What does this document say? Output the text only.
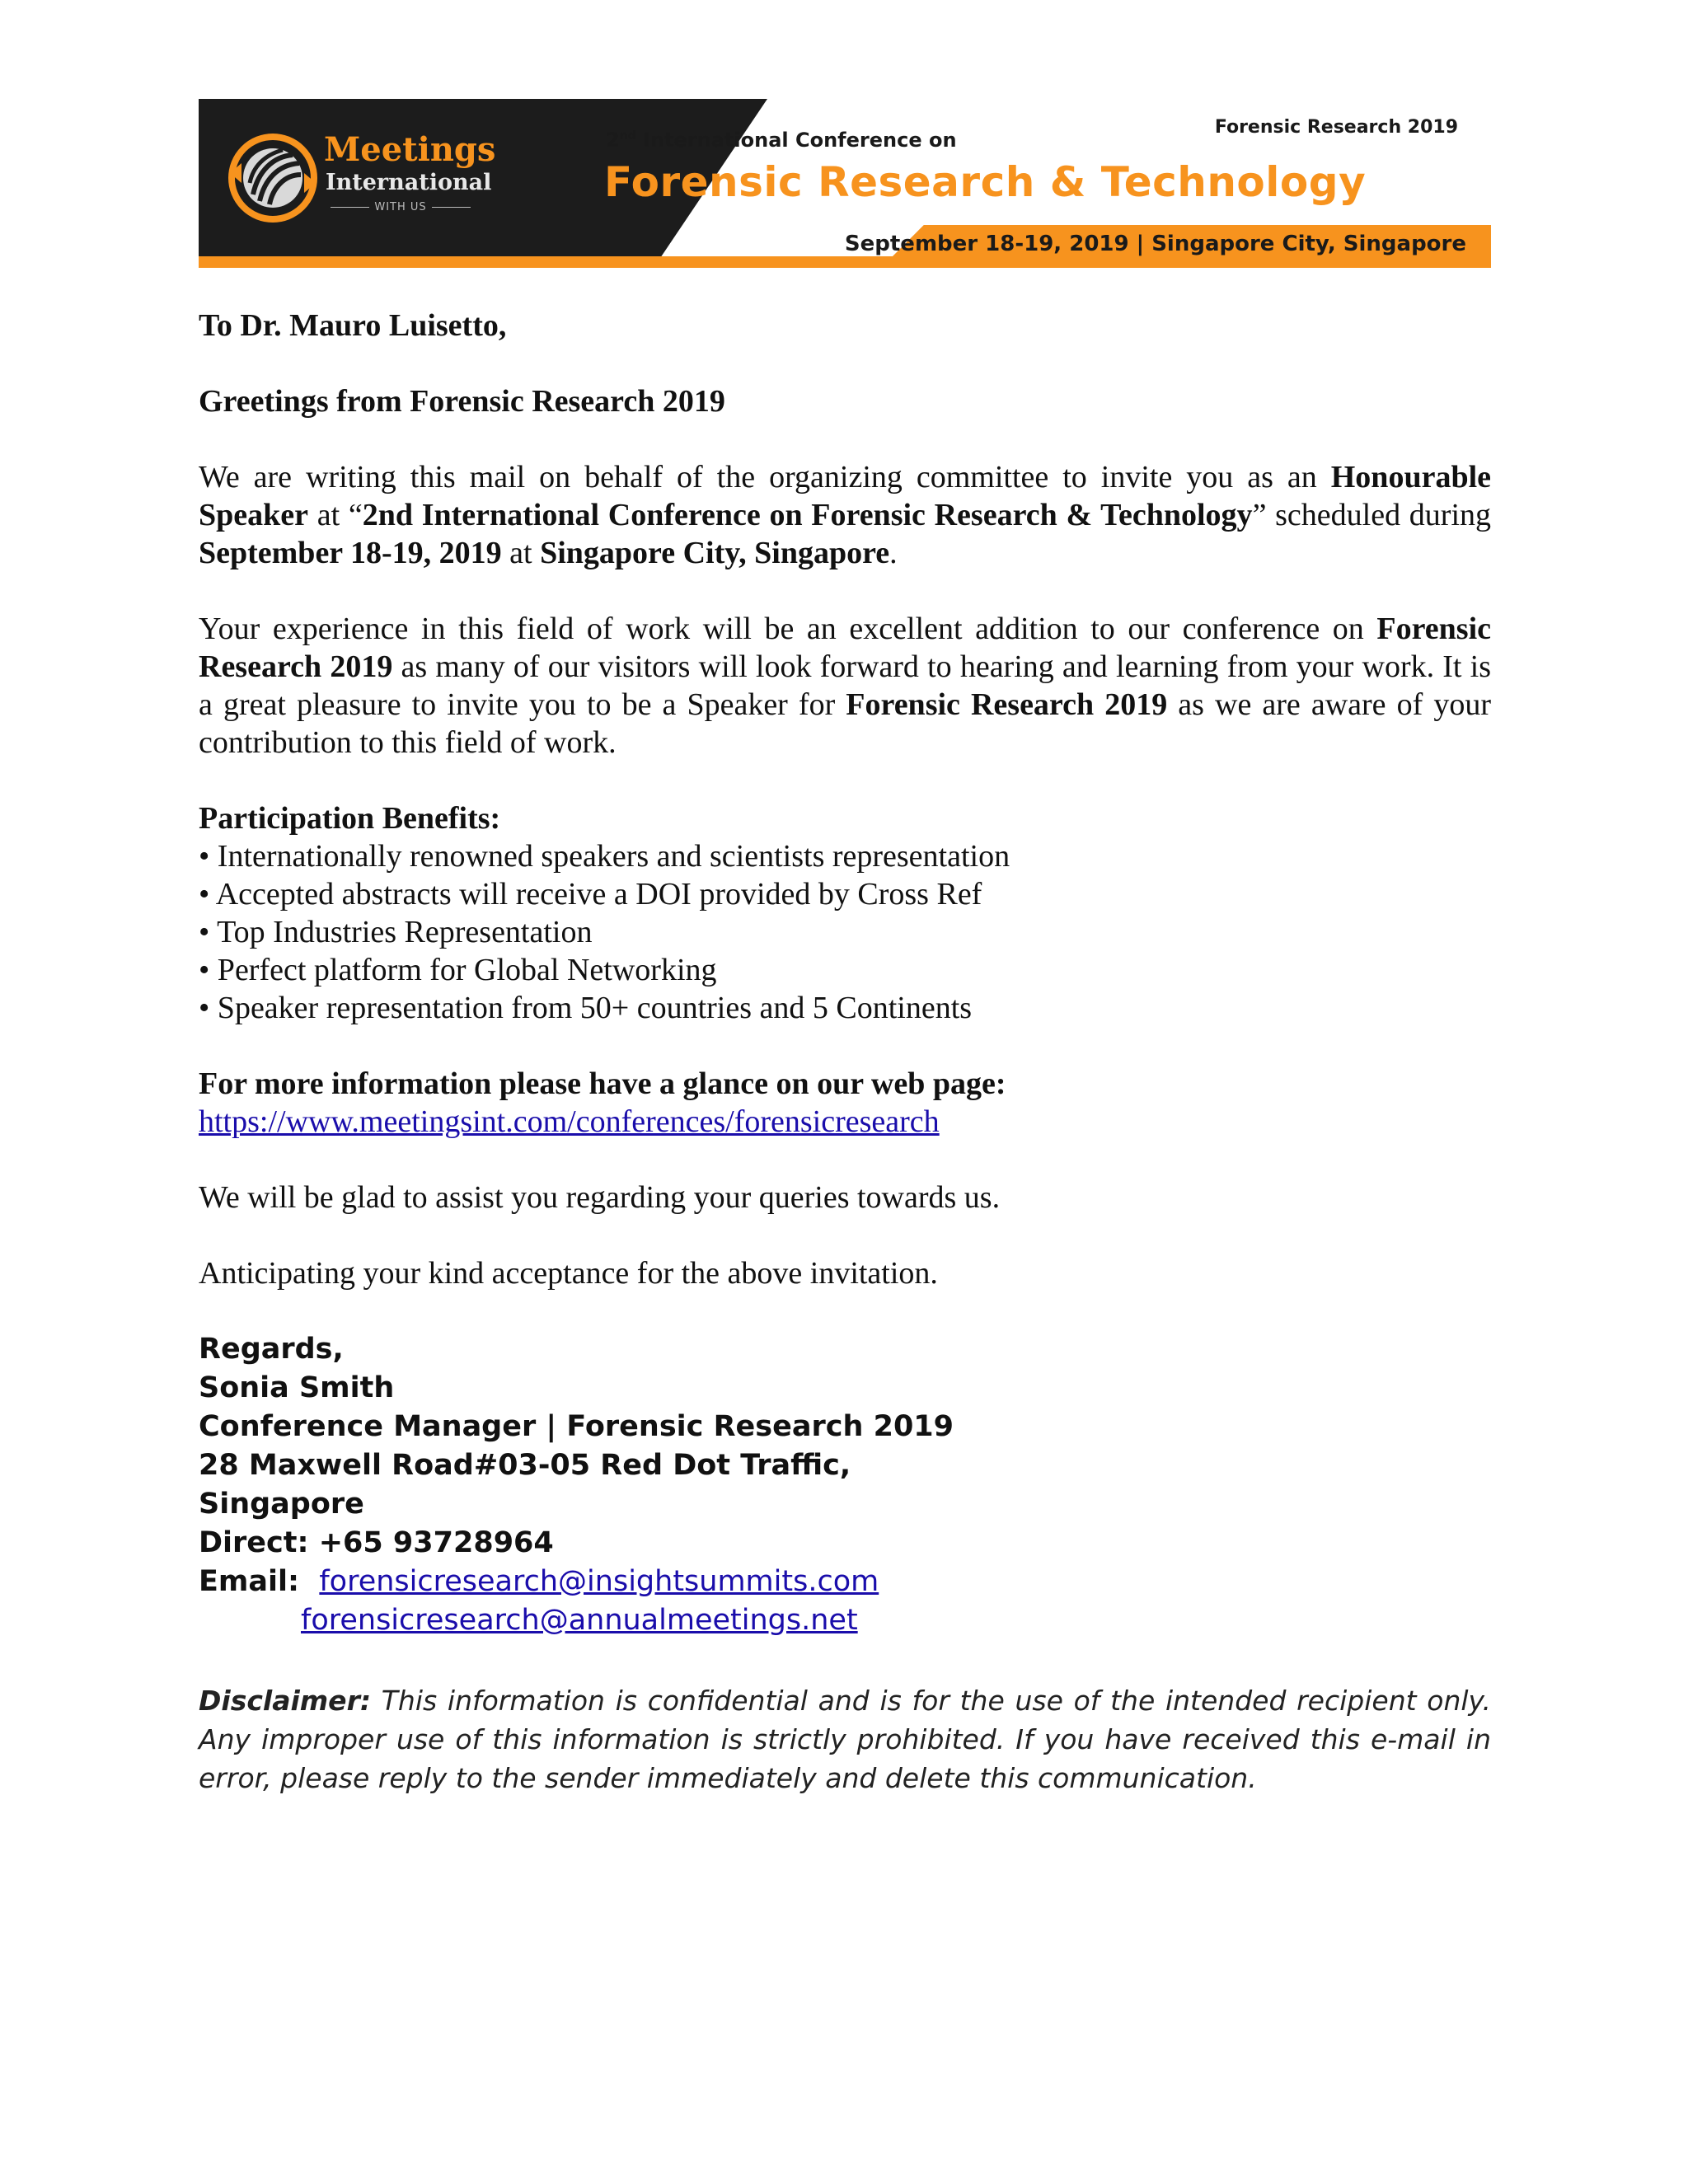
Meetings
International
WITH US
2nd International Conference on
Forensic Research & Technology
Forensic Research 2019
September 18-19, 2019 | Singapore City, Singapore

To Dr. Mauro Luisetto,

Greetings from Forensic Research 2019

We are writing this mail on behalf of the organizing committee to invite you as an Honourable Speaker at “2nd International Conference on Forensic Research & Technology” scheduled during September 18-19, 2019 at Singapore City, Singapore.

Your experience in this field of work will be an excellent addition to our conference on Forensic Research 2019 as many of our visitors will look forward to hearing and learning from your work. It is a great pleasure to invite you to be a Speaker for Forensic Research 2019 as we are aware of your contribution to this field of work.

Participation Benefits:

• Internationally renowned speakers and scientists representation
• Accepted abstracts will receive a DOI provided by Cross Ref
• Top Industries Representation
• Perfect platform for Global Networking
• Speaker representation from 50+ countries and 5 Continents

For more information please have a glance on our web page:

https://www.meetingsint.com/conferences/forensicresearch

We will be glad to assist you regarding your queries towards us.

Anticipating your kind acceptance for the above invitation.

Regards,
Sonia Smith
Conference Manager | Forensic Research 2019
28 Maxwell Road#03-05 Red Dot Traffic,
Singapore
Direct: +65 93728964
Email:  forensicresearch@insightsummits.com
forensicresearch@annualmeetings.net
Disclaimer: This information is confidential and is for the use of the intended recipient only. Any improper use of this information is strictly prohibited. If you have received this e-mail in error, please reply to the sender immediately and delete this communication.
